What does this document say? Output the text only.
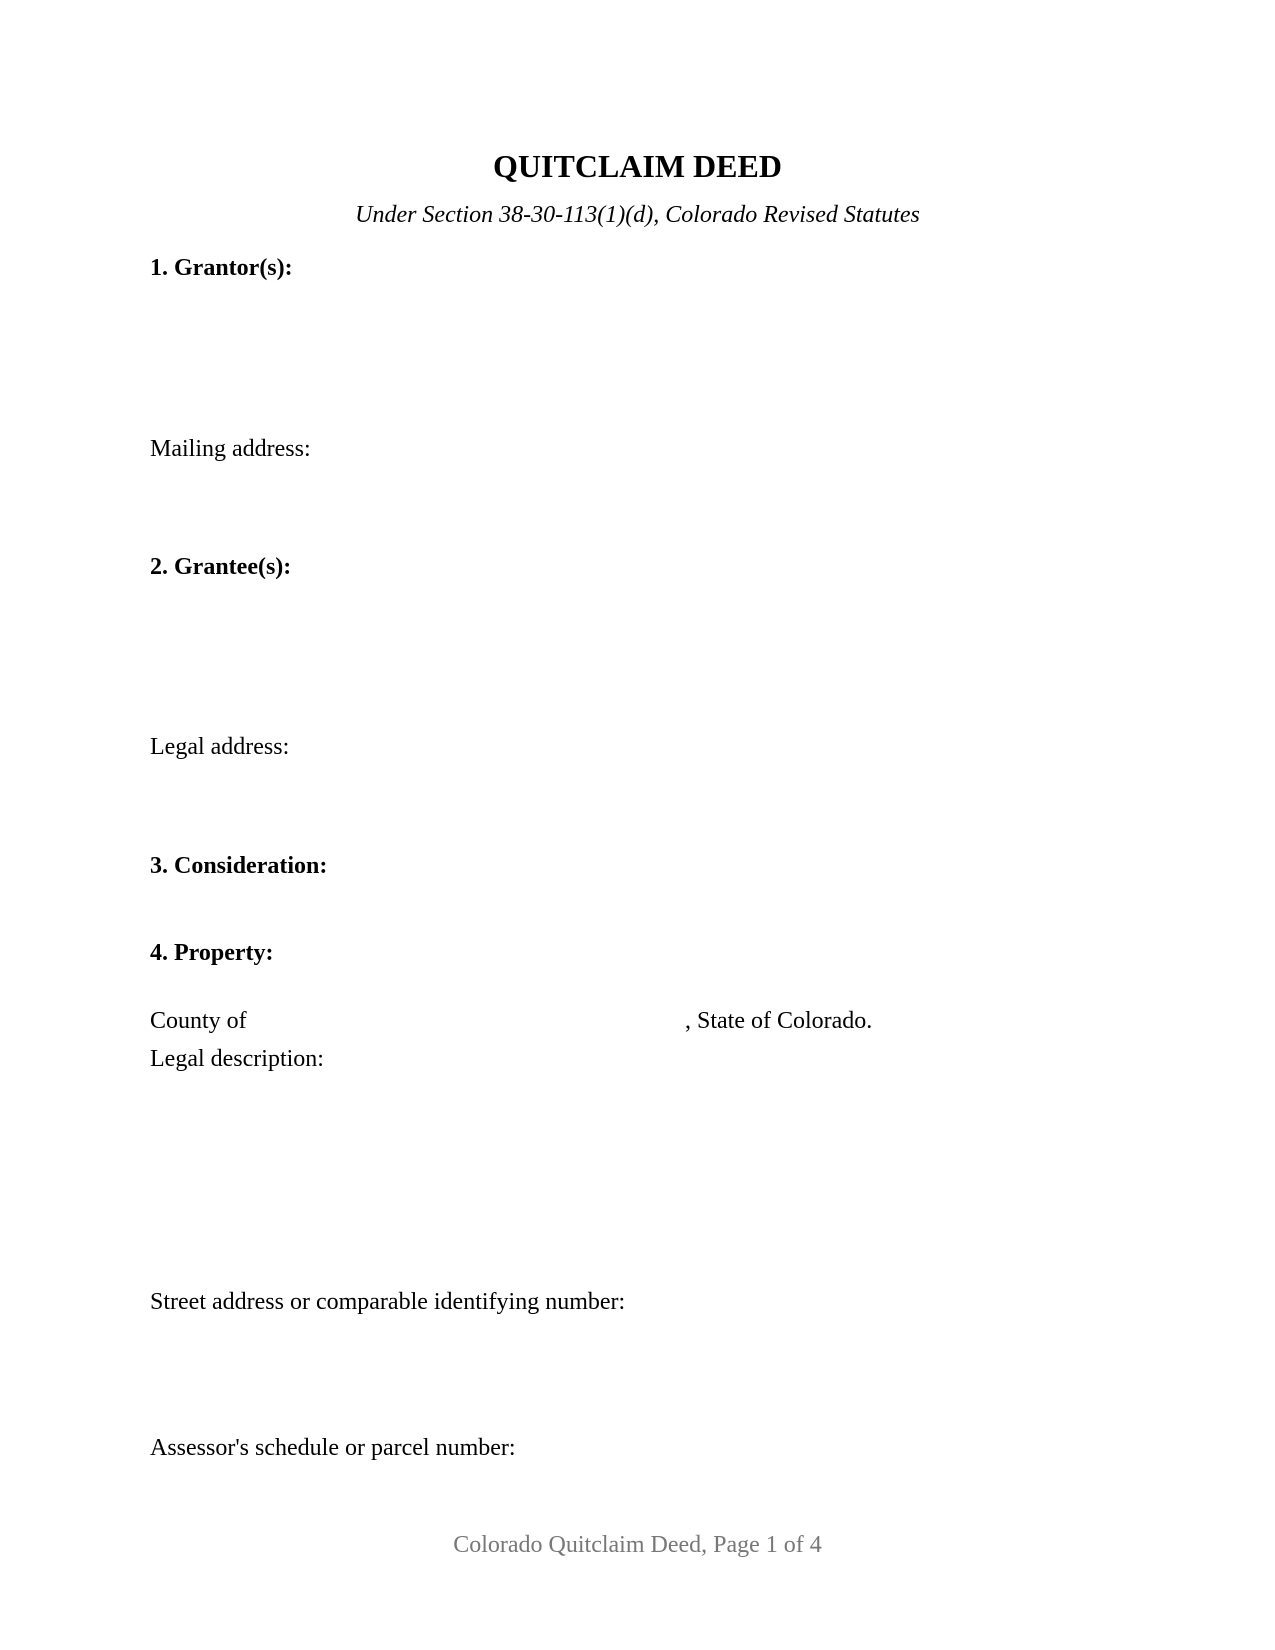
QUITCLAIM DEED
Under Section 38-30-113(1)(d), Colorado Revised Statutes
1. Grantor(s):
Mailing address:
2. Grantee(s):
Legal address:
3. Consideration:
4. Property:
County of	, State of Colorado.
Legal description:
Street address or comparable identifying number:
Assessor's schedule or parcel number:
Colorado Quitclaim Deed, Page 1 of 4
